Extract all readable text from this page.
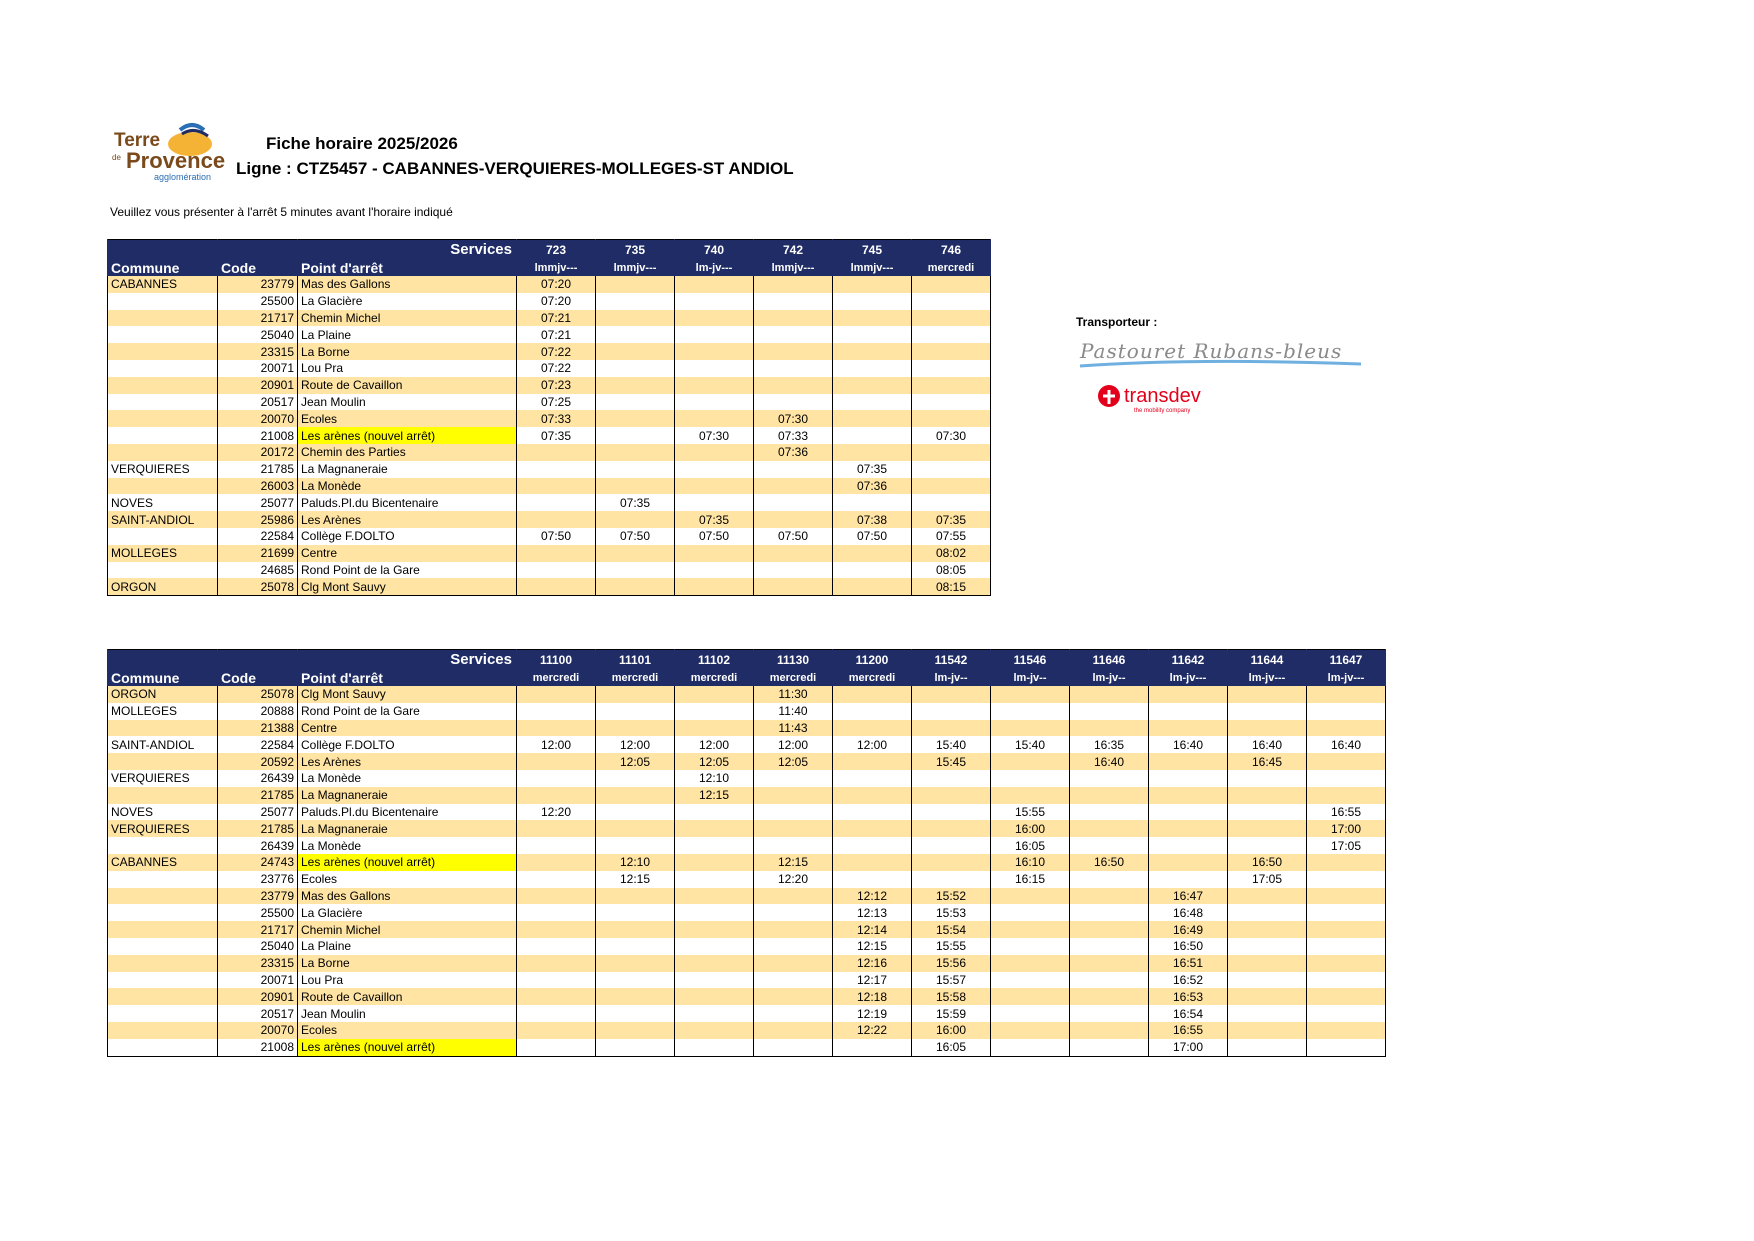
Terre
de Provence
agglomération
Fiche horaire 2025/2026
Ligne : CTZ5457 - CABANNES-VERQUIERES-MOLLEGES-ST ANDIOL
Veuillez vous présenter à l'arrêt 5 minutes avant l'horaire indiqué
Transporteur :
Pastouret Rubans-bleus
transdev
the mobility company
		Services	723	735	740	742	745	746
Commune	Code	Point d'arrêt	lmmjv---	lmmjv---	lm-jv---	lmmjv---	lmmjv---	mercredi
CABANNES	23779	Mas des Gallons	07:20					
	25500	La Glacière	07:20					
	21717	Chemin Michel	07:21					
	25040	La Plaine	07:21					
	23315	La Borne	07:22					
	20071	Lou Pra	07:22					
	20901	Route de Cavaillon	07:23					
	20517	Jean Moulin	07:25					
	20070	Ecoles	07:33			07:30		
	21008	Les arènes (nouvel arrêt)	07:35		07:30	07:33		07:30
	20172	Chemin des Parties				07:36		
VERQUIERES	21785	La Magnaneraie					07:35	
	26003	La Monède					07:36	
NOVES	25077	Paluds.Pl.du Bicentenaire		07:35				
SAINT-ANDIOL	25986	Les Arènes			07:35		07:38	07:35
	22584	Collège F.DOLTO	07:50	07:50	07:50	07:50	07:50	07:55
MOLLEGES	21699	Centre						08:02
	24685	Rond Point de la Gare						08:05
ORGON	25078	Clg Mont Sauvy						08:15
		Services	11100	11101	11102	11130	11200	11542	11546	11646	11642	11644	11647
Commune	Code	Point d'arrêt	mercredi	mercredi	mercredi	mercredi	mercredi	lm-jv--	lm-jv--	lm-jv--	lm-jv---	lm-jv---	lm-jv---
ORGON	25078	Clg Mont Sauvy				11:30							
MOLLEGES	20888	Rond Point de la Gare				11:40							
	21388	Centre				11:43							
SAINT-ANDIOL	22584	Collège F.DOLTO	12:00	12:00	12:00	12:00	12:00	15:40	15:40	16:35	16:40	16:40	16:40
	20592	Les Arènes		12:05	12:05	12:05		15:45		16:40		16:45	
VERQUIERES	26439	La Monède			12:10								
	21785	La Magnaneraie			12:15								
NOVES	25077	Paluds.Pl.du Bicentenaire	12:20						15:55				16:55
VERQUIERES	21785	La Magnaneraie							16:00				17:00
	26439	La Monède							16:05				17:05
CABANNES	24743	Les arènes (nouvel arrêt)		12:10		12:15			16:10	16:50		16:50	
	23776	Ecoles		12:15		12:20			16:15			17:05	
	23779	Mas des Gallons					12:12	15:52			16:47		
	25500	La Glacière					12:13	15:53			16:48		
	21717	Chemin Michel					12:14	15:54			16:49		
	25040	La Plaine					12:15	15:55			16:50		
	23315	La Borne					12:16	15:56			16:51		
	20071	Lou Pra					12:17	15:57			16:52		
	20901	Route de Cavaillon					12:18	15:58			16:53		
	20517	Jean Moulin					12:19	15:59			16:54		
	20070	Ecoles					12:22	16:00			16:55		
	21008	Les arènes (nouvel arrêt)						16:05			17:00		
